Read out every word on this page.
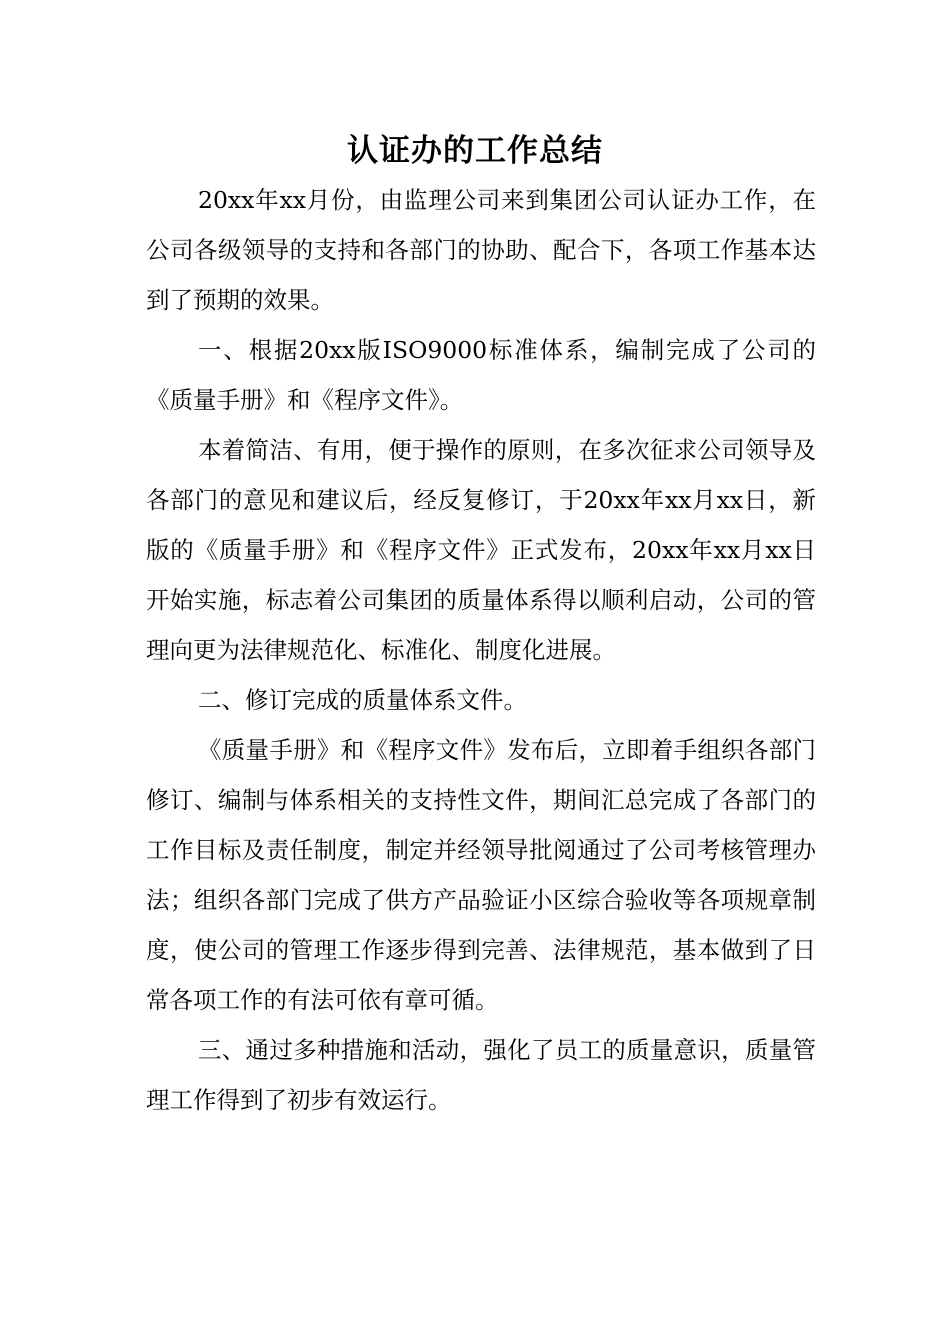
认证办的工作总结

20xx年xx月份，由监理公司来到集团公司认证办工作，在公司各级领导的支持和各部门的协助、配合下，各项工作基本达到了预期的效果。

一、根据20xx版ISO9000标准体系，编制完成了公司的《质量手册》和《程序文件》。

本着简洁、有用，便于操作的原则，在多次征求公司领导及各部门的意见和建议后，经反复修订，于20xx年xx月xx日，新版的《质量手册》和《程序文件》正式发布，20xx年xx月xx日开始实施，标志着公司集团的质量体系得以顺利启动，公司的管理向更为法律规范化、标准化、制度化进展。

二、修订完成的质量体系文件。

《质量手册》和《程序文件》发布后，立即着手组织各部门修订、编制与体系相关的支持性文件，期间汇总完成了各部门的工作目标及责任制度，制定并经领导批阅通过了公司考核管理办法；组织各部门完成了供方产品验证小区综合验收等各项规章制度，使公司的管理工作逐步得到完善、法律规范，基本做到了日常各项工作的有法可依有章可循。

三、通过多种措施和活动，强化了员工的质量意识，质量管理工作得到了初步有效运行。
